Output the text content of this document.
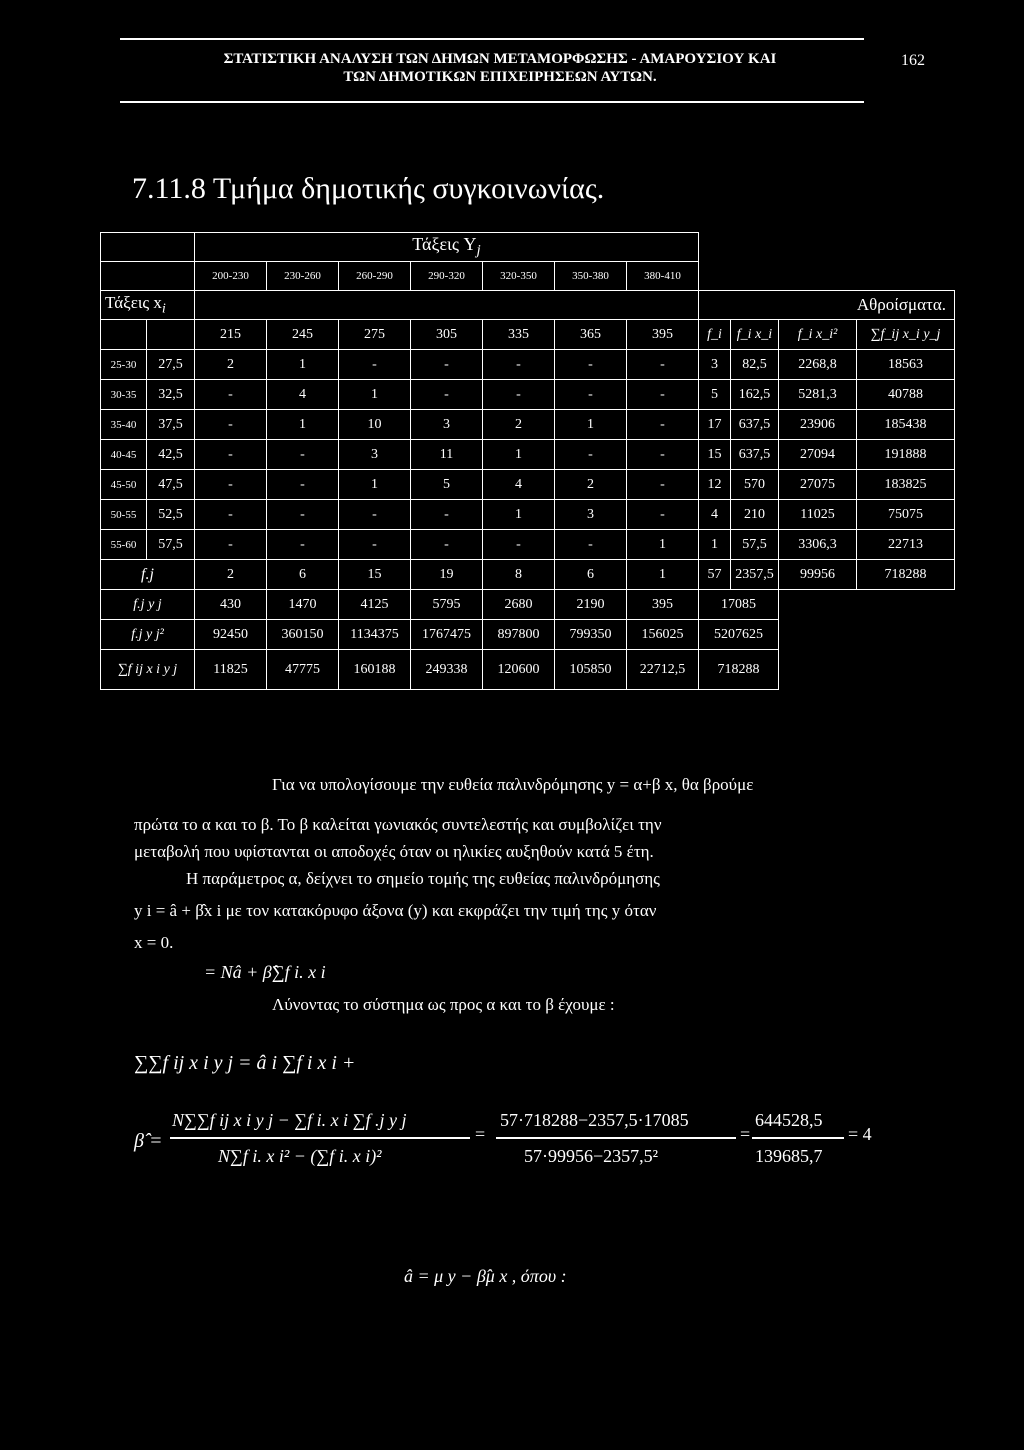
ΣΤΑΤΙΣΤΙΚΗ ΑΝΑΛΥΣΗ ΤΩΝ ΔΗΜΩΝ ΜΕΤΑΜΟΡΦΩΣΗΣ - ΑΜΑΡΟΥΣΙΟΥ ΚΑΙ
ΤΩΝ ΔΗΜΟΤΙΚΩΝ ΕΠΙΧΕΙΡΗΣΕΩΝ ΑΥΤΩΝ.
162
7.11.8 Τμήμα δημοτικής συγκοινωνίας.
		Τάξεις $Y_j$	
		200-230	230-260	260-290	290-320	320-350	350-380	380-410				
Τάξεις $x_i$									Αθροίσματα.			
		215	245	275	305	335	365	395	f_i	f_i x_i	f_i x_i²	∑f_ij x_i y_j
25-30	27,5	2	1	-	-	-	-	-	3	82,5	2268,8	18563
30-35	32,5	-	4	1	-	-	-	-	5	162,5	5281,3	40788
35-40	37,5	-	1	10	3	2	1	-	17	637,5	23906	185438
40-45	42,5	-	-	3	11	1	-	-	15	637,5	27094	191888
45-50	47,5	-	-	1	5	4	2	-	12	570	27075	183825
50-55	52,5	-	-	-	-	1	3	-	4	210	11025	75075
55-60	57,5	-	-	-	-	-	-	1	1	57,5	3306,3	22713
f.j		2	6	15	19	8	6	1	57	2357,5	99956	718288
f.j y j		430	1470	4125	5795	2680	2190	395	17085			
f.j y j²		92450	360150	1134375	1767475	897800	799350	156025	5207625			
∑f ij x i y j		11825	47775	160188	249338	120600	105850	22712,5	718288			
Για να υπολογίσουμε την ευθεία παλινδρόμησης y = α+β x, θα βρούμε
πρώτα το α και το β. Το β καλείται γωνιακός συντελεστής και συμβολίζει την
μεταβολή που υφίστανται οι αποδοχές όταν οι ηλικίες αυξηθούν κατά 5 έτη.
Η παράμετρος α, δείχνει το σημείο τομής της ευθείας παλινδρόμησης
y i = â + β̂x i με τον κατακόρυφο άξονα (y) και εκφράζει την τιμή της y όταν
x = 0.
= Nâ + β̂∑f i. x i
Λύνοντας το σύστημα ως προς α και το β έχουμε :
∑∑f ij x i y j = â i ∑f i x i +
β̂ =
N∑∑f ij x i y j − ∑f i. x i ∑f .j y j
N∑f i. x i² − (∑f i. x i)²
=
57·718288−2357,5·17085
57·99956−2357,5²
=
644528,5
139685,7
= 4
â = μ y − β̂μ x , όπου :
